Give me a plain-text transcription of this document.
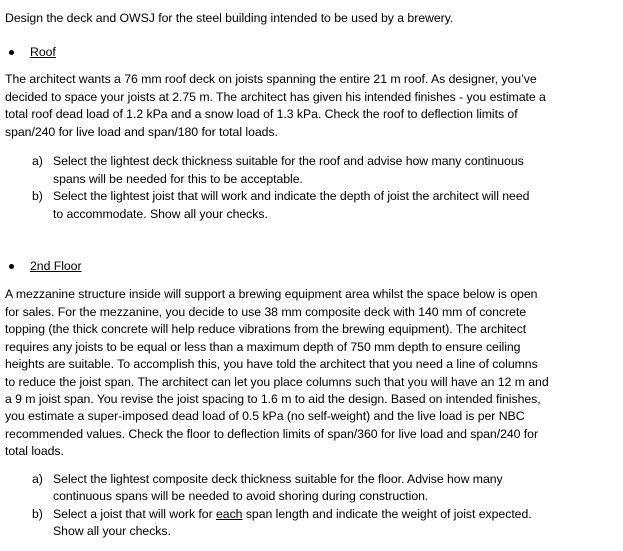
Design the deck and OWSJ for the steel building intended to be used by a brewery.
Roof
The architect wants a 76 mm roof deck on joists spanning the entire 21 m roof. As designer, you’ve
decided to space your joists at 2.75 m. The architect has given his intended finishes - you estimate a
total roof dead load of 1.2 kPa and a snow load of 1.3 kPa. Check the roof to deflection limits of
span/240 for live load and span/180 for total loads.
a) Select the lightest deck thickness suitable for the roof and advise how many continuous
spans will be needed for this to be acceptable.
b) Select the lightest joist that will work and indicate the depth of joist the architect will need
to accommodate. Show all your checks.
2nd Floor
A mezzanine structure inside will support a brewing equipment area whilst the space below is open
for sales. For the mezzanine, you decide to use 38 mm composite deck with 140 mm of concrete
topping (the thick concrete will help reduce vibrations from the brewing equipment). The architect
requires any joists to be equal or less than a maximum depth of 750 mm depth to ensure ceiling
heights are suitable. To accomplish this, you have told the architect that you need a line of columns
to reduce the joist span. The architect can let you place columns such that you will have an 12 m and
a 9 m joist span. You revise the joist spacing to 1.6 m to aid the design. Based on intended finishes,
you estimate a super-imposed dead load of 0.5 kPa (no self-weight) and the live load is per NBC
recommended values. Check the floor to deflection limits of span/360 for live load and span/240 for
total loads.
a) Select the lightest composite deck thickness suitable for the floor. Advise how many
continuous spans will be needed to avoid shoring during construction.
b) Select a joist that will work for each span length and indicate the weight of joist expected.
Show all your checks.
